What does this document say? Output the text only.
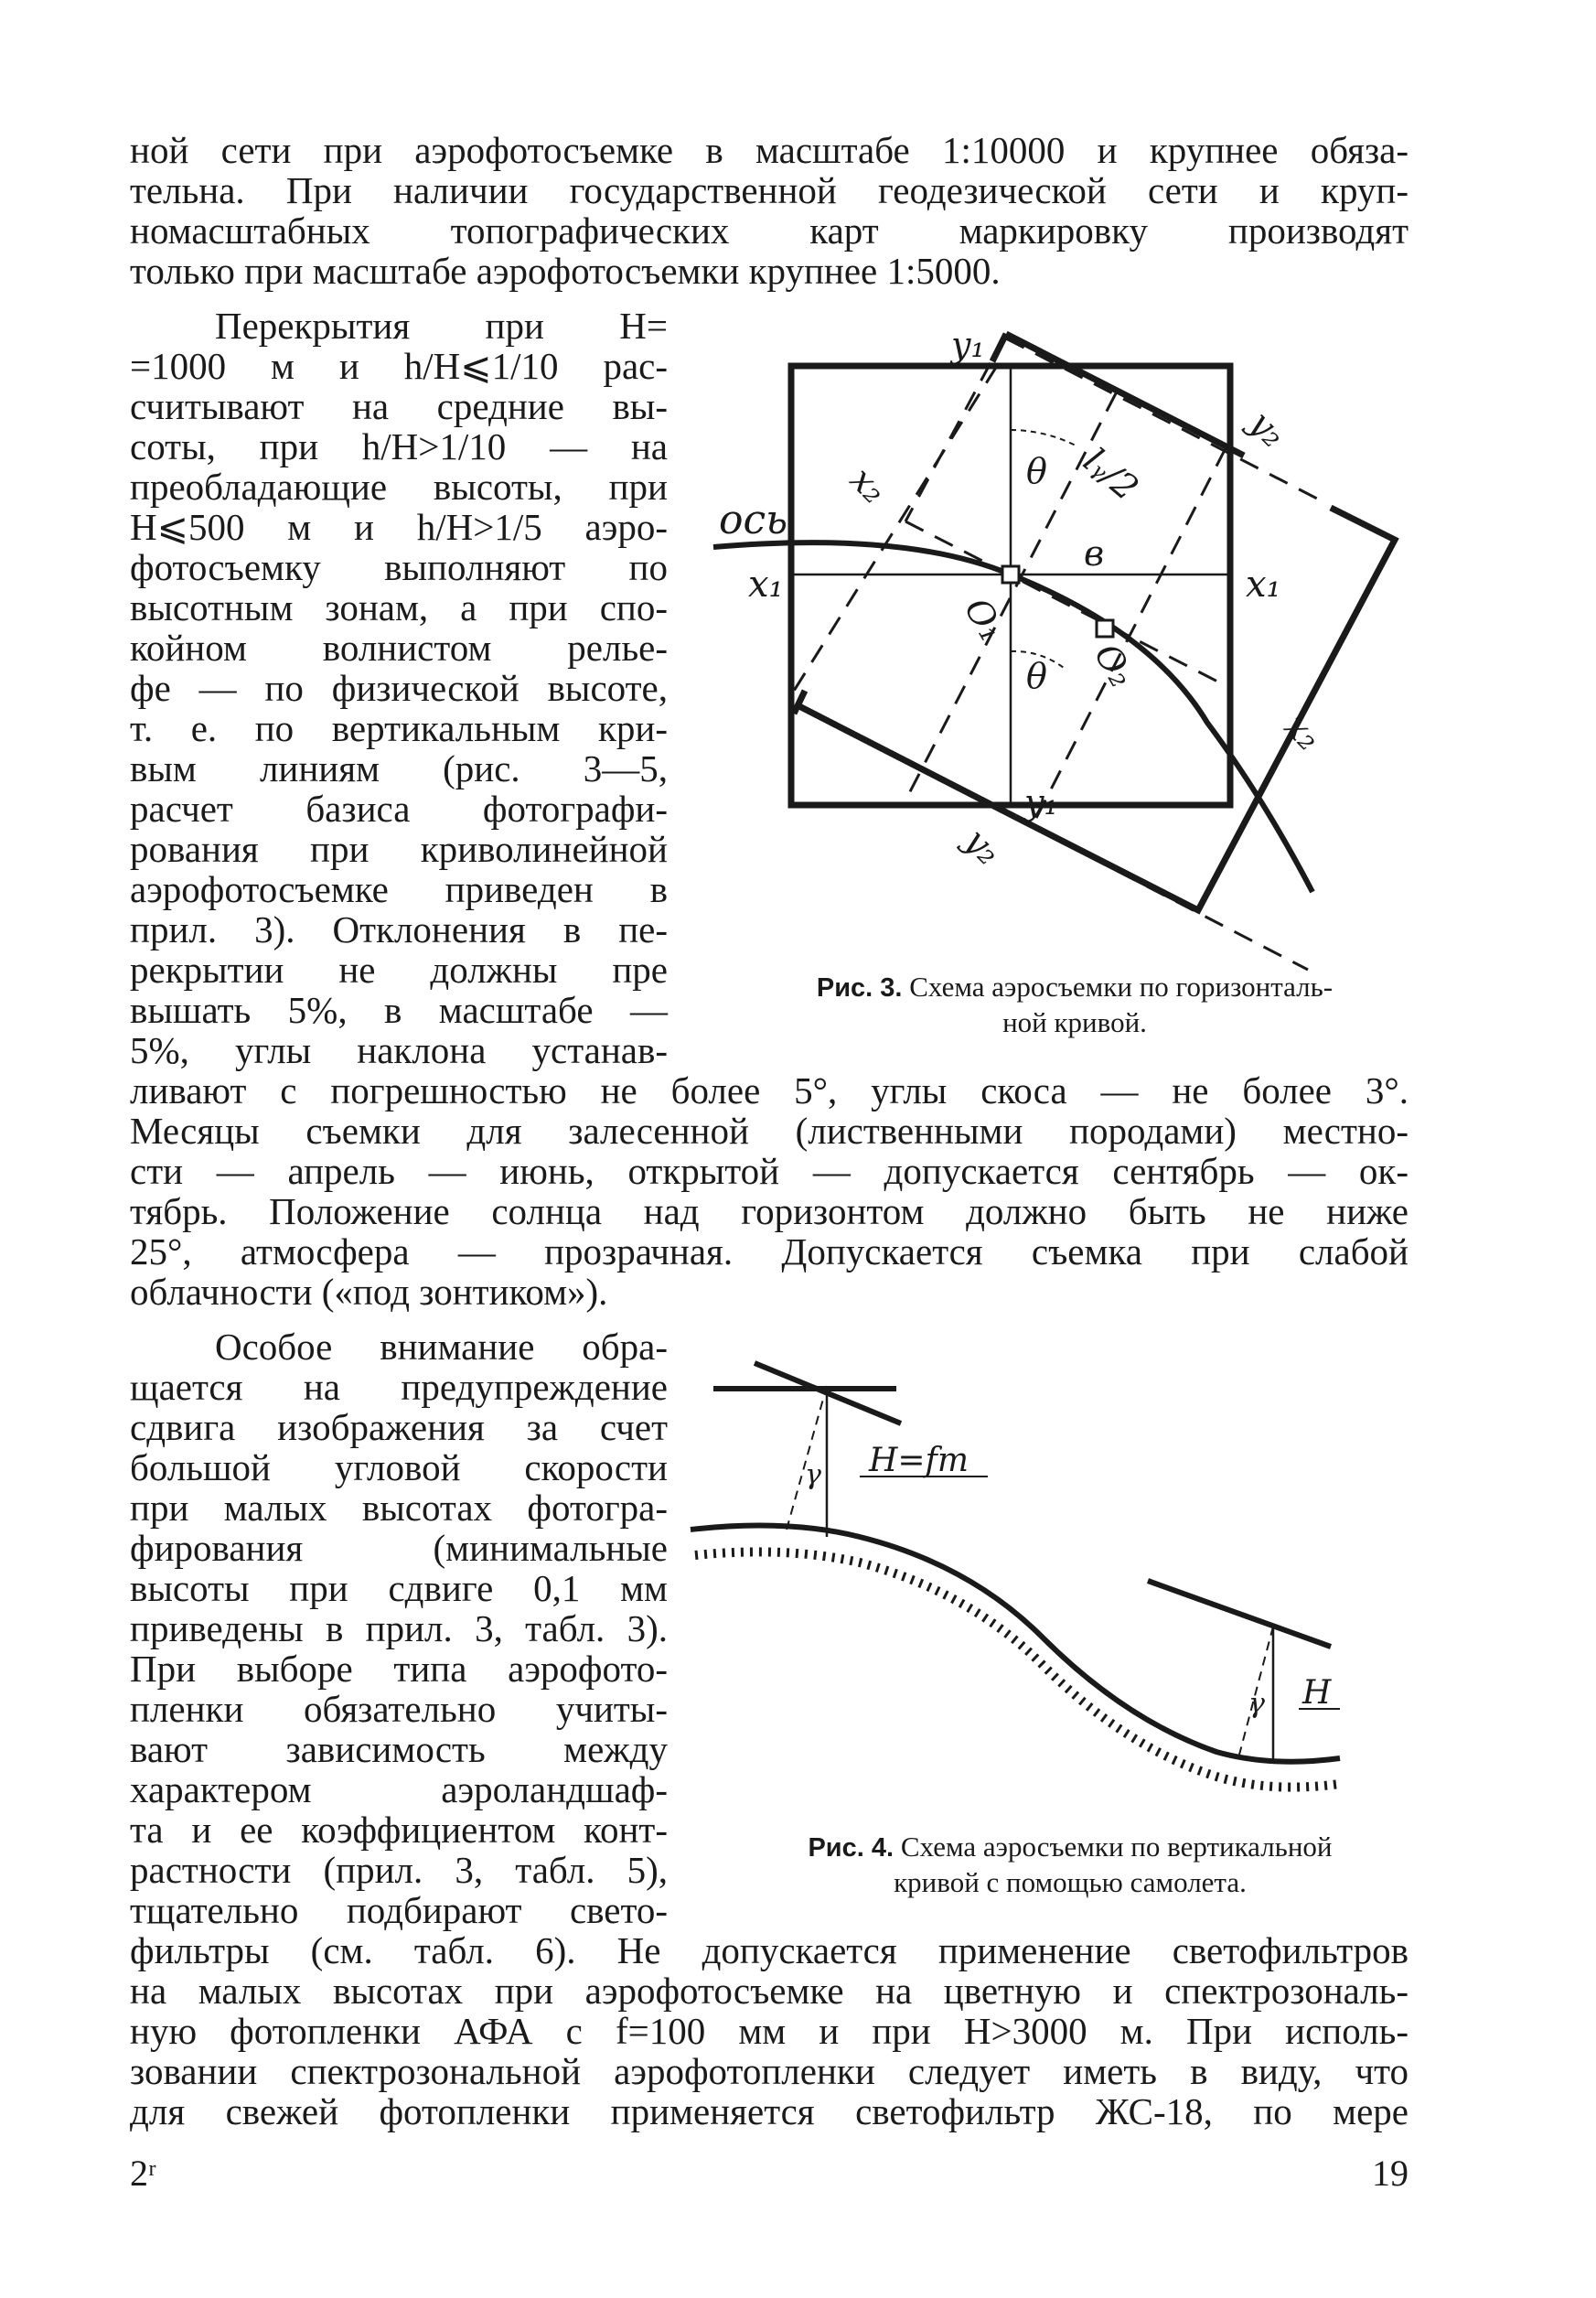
ной сети при аэрофотосъемке в масштабе 1:10000 и крупнее обяза-
тельна. При наличии государственной геодезической сети и круп-
номасштабных топографических карт маркировку производят
только при масштабе аэрофотосъемки крупнее 1:5000.
Перекрытия при H=
=1000 м и h/H⩽1/10 рас-
считывают на средние вы-
соты, при h/H>1/10 — на
преобладающие высоты, при
H⩽500 м и h/H>1/5 аэро-
фотосъемку выполняют по
высотным зонам, а при спо-
койном волнистом релье-
фе — по физической высоте,
т. е. по вертикальным кри-
вым линиям (рис. 3—5,
расчет базиса фотографи-
рования при криволинейной
аэрофотосъемке приведен в
прил. 3). Отклонения в пе-
рекрытии не должны пре
вышать 5%, в масштабе —
5%, углы наклона устанав-
ливают с погрешностью не более 5°, углы скоса — не более 3°.
Месяцы съемки для залесенной (лиственными породами) местно-
сти — апрель — июнь, открытой — допускается сентябрь — ок-
тябрь. Положение солнца над горизонтом должно быть не ниже
25°, атмосфера — прозрачная. Допускается съемка при слабой
облачности («под зонтиком»).
Особое внимание обра-
щается на предупреждение
сдвига изображения за счет
большой угловой скорости
при малых высотах фотогра-
фирования (минимальные
высоты при сдвиге 0,1 мм
приведены в прил. 3, табл. 3).
При выборе типа аэрофото-
пленки обязательно учиты-
вают зависимость между
характером аэроландшаф-
та и ее коэффициентом конт-
растности (прил. 3, табл. 5),
тщательно подбирают свето-
фильтры (см. табл. 6). Не допускается применение светофильтров
на малых высотах при аэрофотосъемке на цветную и спектрозональ-
ную фотопленки АФА с f=100 мм и при H>3000 м. При исполь-
зовании спектрозональной аэрофотопленки следует иметь в виду, что
для свежей фотопленки применяется светофильтр ЖС-18, по мере
ось
x₁	x₁
y₁
y₁
y₂
y₂
x₂
x₂
θ
θ
lᵧ/2
в
O₁
O₂
Рис. 3. Схема аэросъемки по горизонталь-
ной кривой.
γ H=fm
γ H
Рис. 4. Схема аэросъемки по вертикальной
кривой с помощью самолета.
2ʳ	19
